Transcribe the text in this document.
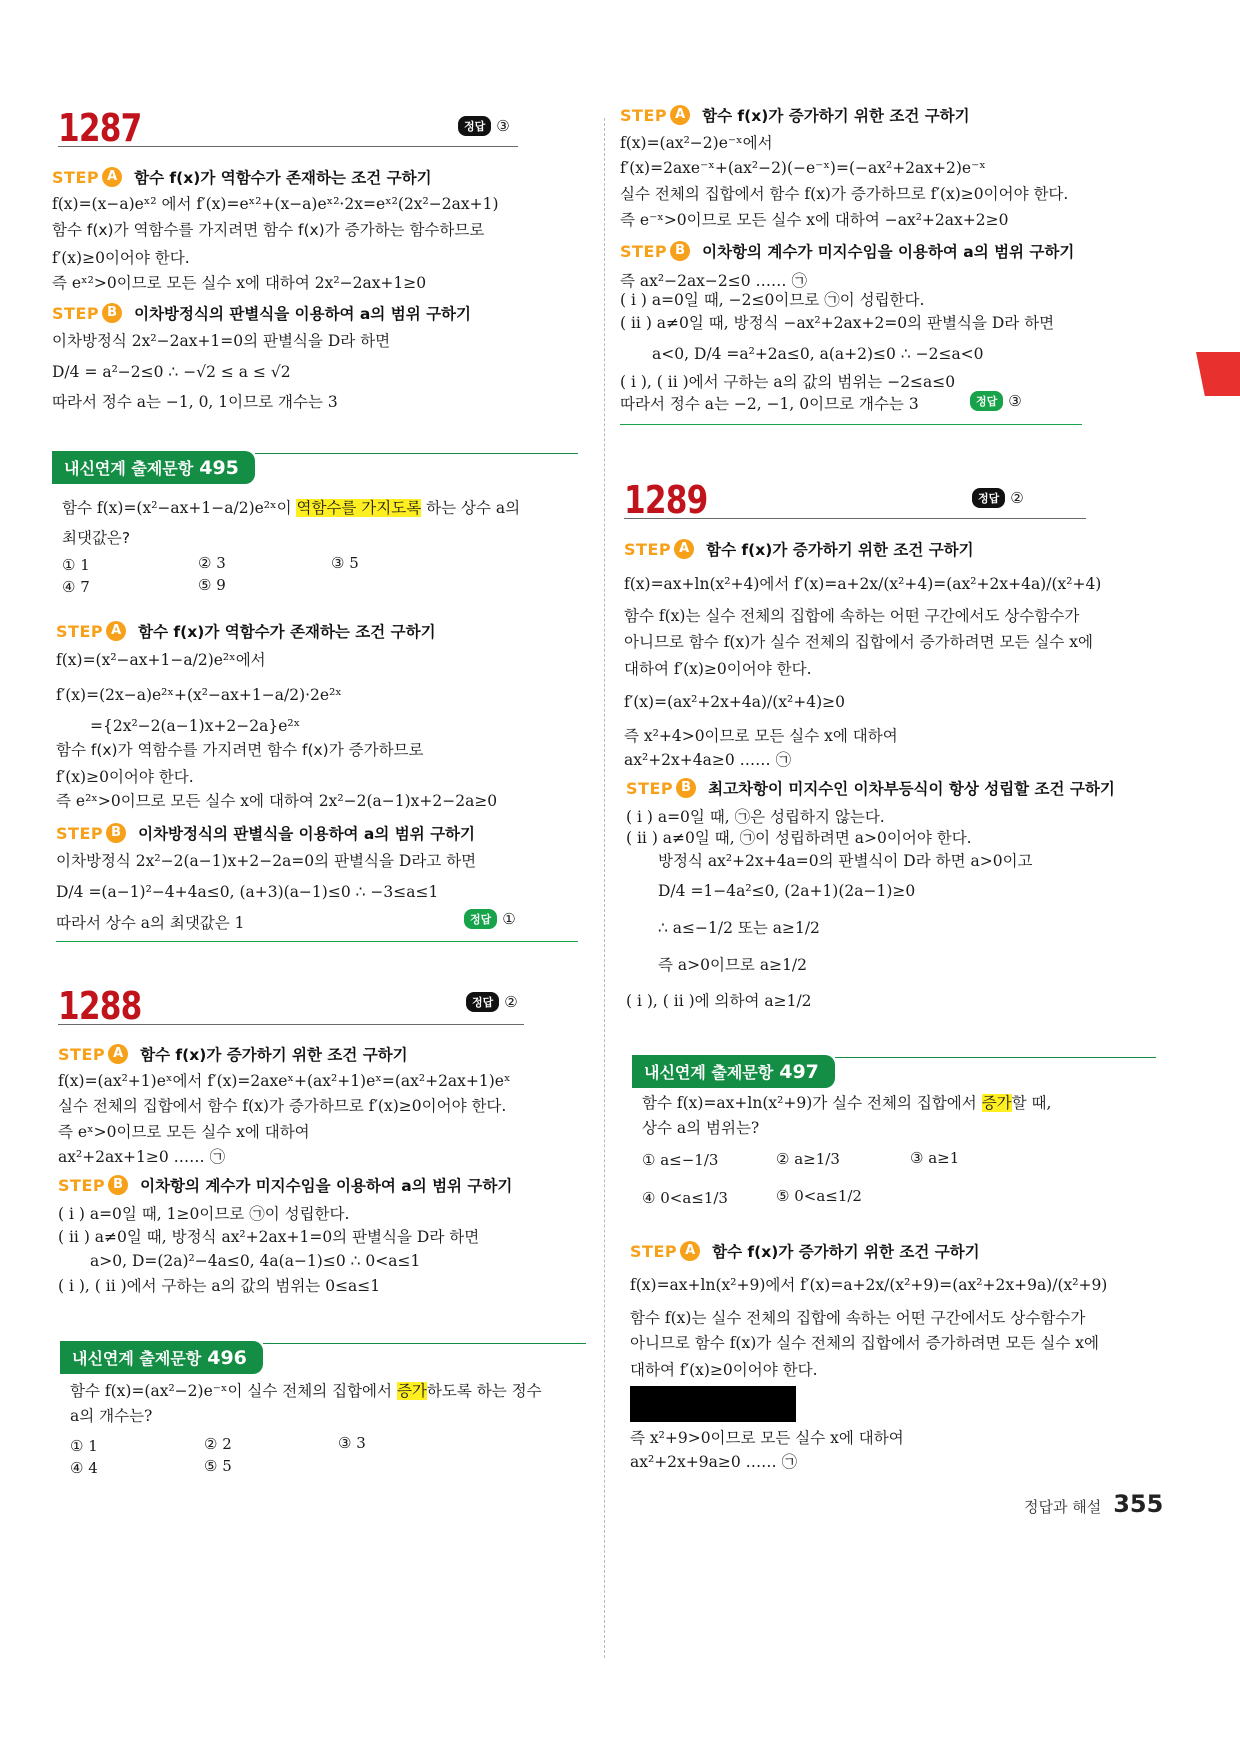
1287	정답 ③
STEP A	함수 f(x)가 역함수가 존재하는 조건 구하기
f(x)=(x−a)eˣ² 에서 f′(x)=eˣ²+(x−a)eˣ²·2x=eˣ²(2x²−2ax+1)
함수 f(x)가 역함수를 가지려면 함수 f(x)가 증가하는 함수하므로
f′(x)≥0이어야 한다.
즉 eˣ²>0이므로 모든 실수 x에 대하여 2x²−2ax+1≥0
STEP B	이차방정식의 판별식을 이용하여 a의 범위 구하기
이차방정식 2x²−2ax+1=0의 판별식을 D라 하면
D/4 = a²−2≤0 ∴ −√2 ≤ a ≤ √2
따라서 정수 a는 −1, 0, 1이므로 개수는 3
내신연계 출제문항 495
함수 f(x)=(x²−ax+1−a/2)e²ˣ이 역함수를 가지도록 하는 상수 a의
최댓값은?
① 1	② 3	③ 5
④ 7	⑤ 9
STEP A	함수 f(x)가 역함수가 존재하는 조건 구하기
f(x)=(x²−ax+1−a/2)e²ˣ에서
f′(x)=(2x−a)e²ˣ+(x²−ax+1−a/2)·2e²ˣ
={2x²−2(a−1)x+2−2a}e²ˣ
함수 f(x)가 역함수를 가지려면 함수 f(x)가 증가하므로
f′(x)≥0이어야 한다.
즉 e²ˣ>0이므로 모든 실수 x에 대하여 2x²−2(a−1)x+2−2a≥0
STEP B	이차방정식의 판별식을 이용하여 a의 범위 구하기
이차방정식 2x²−2(a−1)x+2−2a=0의 판별식을 D라고 하면
D/4 =(a−1)²−4+4a≤0, (a+3)(a−1)≤0 ∴ −3≤a≤1
따라서 상수 a의 최댓값은 1	정답 ①
1288	정답 ②
STEP A	함수 f(x)가 증가하기 위한 조건 구하기
f(x)=(ax²+1)eˣ에서 f′(x)=2axeˣ+(ax²+1)eˣ=(ax²+2ax+1)eˣ
실수 전체의 집합에서 함수 f(x)가 증가하므로 f′(x)≥0이어야 한다.
즉 eˣ>0이므로 모든 실수 x에 대하여
ax²+2ax+1≥0 …… ㉠
STEP B	이차항의 계수가 미지수임을 이용하여 a의 범위 구하기
( i ) a=0일 때, 1≥0이므로 ㉠이 성립한다.
( ii ) a≠0일 때, 방정식 ax²+2ax+1=0의 판별식을 D라 하면
a>0, D=(2a)²−4a≤0, 4a(a−1)≤0 ∴ 0<a≤1
( i ), ( ii )에서 구하는 a의 값의 범위는 0≤a≤1
내신연계 출제문항 496
함수 f(x)=(ax²−2)e⁻ˣ이 실수 전체의 집합에서 증가하도록 하는 정수
a의 개수는?
① 1	② 2	③ 3
④ 4	⑤ 5
STEP A	함수 f(x)가 증가하기 위한 조건 구하기
f(x)=(ax²−2)e⁻ˣ에서
f′(x)=2axe⁻ˣ+(ax²−2)(−e⁻ˣ)=(−ax²+2ax+2)e⁻ˣ
실수 전체의 집합에서 함수 f(x)가 증가하므로 f′(x)≥0이어야 한다.
즉 e⁻ˣ>0이므로 모든 실수 x에 대하여 −ax²+2ax+2≥0
STEP B	이차항의 계수가 미지수임을 이용하여 a의 범위 구하기
즉 ax²−2ax−2≤0 …… ㉠
( i ) a=0일 때, −2≤0이므로 ㉠이 성립한다.
( ii ) a≠0일 때, 방정식 −ax²+2ax+2=0의 판별식을 D라 하면
a<0, D/4 =a²+2a≤0, a(a+2)≤0 ∴ −2≤a<0
( i ), ( ii )에서 구하는 a의 값의 범위는 −2≤a≤0
따라서 정수 a는 −2, −1, 0이므로 개수는 3	정답 ③
1289	정답 ②
STEP A	함수 f(x)가 증가하기 위한 조건 구하기
f(x)=ax+ln(x²+4)에서 f′(x)=a+2x/(x²+4)=(ax²+2x+4a)/(x²+4)
함수 f(x)는 실수 전체의 집합에 속하는 어떤 구간에서도 상수함수가
아니므로 함수 f(x)가 실수 전체의 집합에서 증가하려면 모든 실수 x에
대하여 f′(x)≥0이어야 한다.
f′(x)=(ax²+2x+4a)/(x²+4)≥0
즉 x²+4>0이므로 모든 실수 x에 대하여
ax²+2x+4a≥0 …… ㉠
STEP B	최고차항이 미지수인 이차부등식이 항상 성립할 조건 구하기
( i ) a=0일 때, ㉠은 성립하지 않는다.
( ii ) a≠0일 때, ㉠이 성립하려면 a>0이어야 한다.
방정식 ax²+2x+4a=0의 판별식이 D라 하면 a>0이고
D/4 =1−4a²≤0, (2a+1)(2a−1)≥0
∴ a≤−1/2 또는 a≥1/2
즉 a>0이므로 a≥1/2
( i ), ( ii )에 의하여 a≥1/2
내신연계 출제문항 497
함수 f(x)=ax+ln(x²+9)가 실수 전체의 집합에서 증가할 때,
상수 a의 범위는?
① a≤−1/3	② a≥1/3	③ a≥1
④ 0<a≤1/3	⑤ 0<a≤1/2
STEP A	함수 f(x)가 증가하기 위한 조건 구하기
f(x)=ax+ln(x²+9)에서 f′(x)=a+2x/(x²+9)=(ax²+2x+9a)/(x²+9)
함수 f(x)는 실수 전체의 집합에 속하는 어떤 구간에서도 상수함수가
아니므로 함수 f(x)가 실수 전체의 집합에서 증가하려면 모든 실수 x에
대하여 f′(x)≥0이어야 한다.
즉 x²+9>0이므로 모든 실수 x에 대하여
ax²+2x+9a≥0 …… ㉠
정답과 해설 355
